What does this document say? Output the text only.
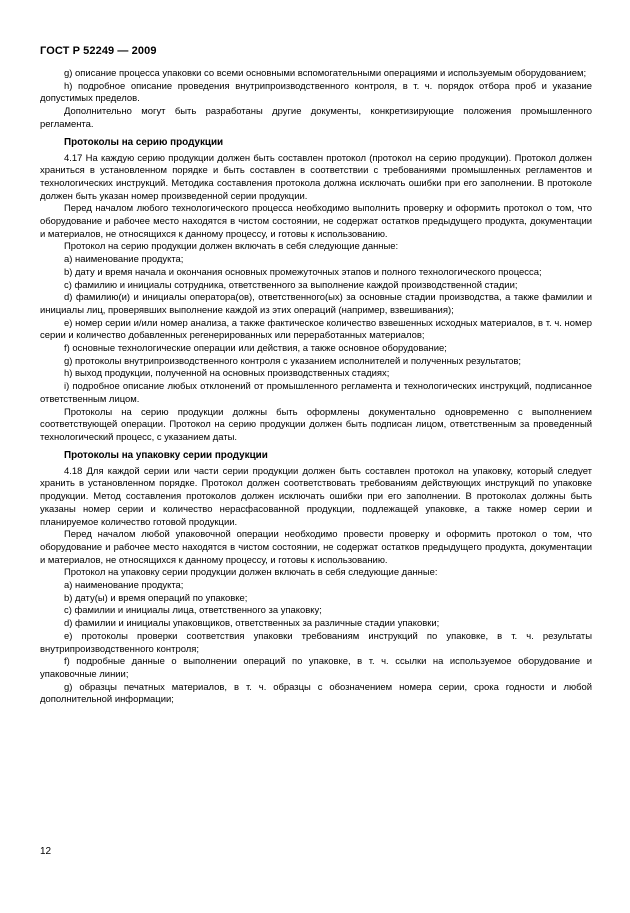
ГОСТ Р 52249 — 2009

g) описание процесса упаковки со всеми основными вспомогательными операциями и используемым оборудованием;

h) подробное описание проведения внутрипроизводственного контроля, в т. ч. порядок отбора проб и указание допустимых пределов.

Дополнительно могут быть разработаны другие документы, конкретизирующие положения промышленного регламента.

Протоколы на серию продукции

4.17 На каждую серию продукции должен быть составлен протокол (протокол на серию продукции). Протокол должен храниться в установленном порядке и быть составлен в соответствии с требованиями промышленных регламентов и технологических инструкций. Методика составления протокола должна исключать ошибки при его заполнении. В протоколе должен быть указан номер произведенной серии продукции.

Перед началом любого технологического процесса необходимо выполнить проверку и оформить протокол о том, что оборудование и рабочее место находятся в чистом состоянии, не содержат остатков предыдущего продукта, документации и материалов, не относящихся к данному процессу, и готовы к использованию.

Протокол на серию продукции должен включать в себя следующие данные:

a) наименование продукта;

b) дату и время начала и окончания основных промежуточных этапов и полного технологического процесса;

c) фамилию и инициалы сотрудника, ответственного за выполнение каждой производственной стадии;

d) фамилию(и) и инициалы оператора(ов), ответственного(ых) за основные стадии производства, а также фамилии и инициалы лиц, проверявших выполнение каждой из этих операций (например, взвешивания);

e) номер серии и/или номер анализа, а также фактическое количество взвешенных исходных материалов, в т. ч. номер серии и количество добавленных регенерированных или переработанных материалов;

f) основные технологические операции или действия, а также основное оборудование;

g) протоколы внутрипроизводственного контроля с указанием исполнителей и полученных результатов;

h) выход продукции, полученной на основных производственных стадиях;

i) подробное описание любых отклонений от промышленного регламента и технологических инструкций, подписанное ответственным лицом.

Протоколы на серию продукции должны быть оформлены документально одновременно с выполнением соответствующей операции. Протокол на серию продукции должен быть подписан лицом, ответственным за проведенный технологический процесс, с указанием даты.

Протоколы на упаковку серии продукции

4.18 Для каждой серии или части серии продукции должен быть составлен протокол на упаковку, который следует хранить в установленном порядке. Протокол должен соответствовать требованиям действующих инструкций по упаковке продукции. Метод составления протоколов должен исключать ошибки при его заполнении. В протоколах должны быть указаны номер серии и количество нерасфасованной продукции, подлежащей упаковке, а также номер серии и планируемое количество готовой продукции.

Перед началом любой упаковочной операции необходимо провести проверку и оформить протокол о том, что оборудование и рабочее место находятся в чистом состоянии, не содержат остатков предыдущего продукта, документации и материалов, не относящихся к данному процессу, и готовы к использованию.

Протокол на упаковку серии продукции должен включать в себя следующие данные:

a) наименование продукта;

b) дату(ы) и время операций по упаковке;

c) фамилии и инициалы лица, ответственного за упаковку;

d) фамилии и инициалы упаковщиков, ответственных за различные стадии упаковки;

e) протоколы проверки соответствия упаковки требованиям инструкций по упаковке, в т. ч. результаты внутрипроизводственного контроля;

f) подробные данные о выполнении операций по упаковке, в т. ч. ссылки на используемое оборудование и упаковочные линии;

g) образцы печатных материалов, в т. ч. образцы с обозначением номера серии, срока годности и любой дополнительной информации;

12
